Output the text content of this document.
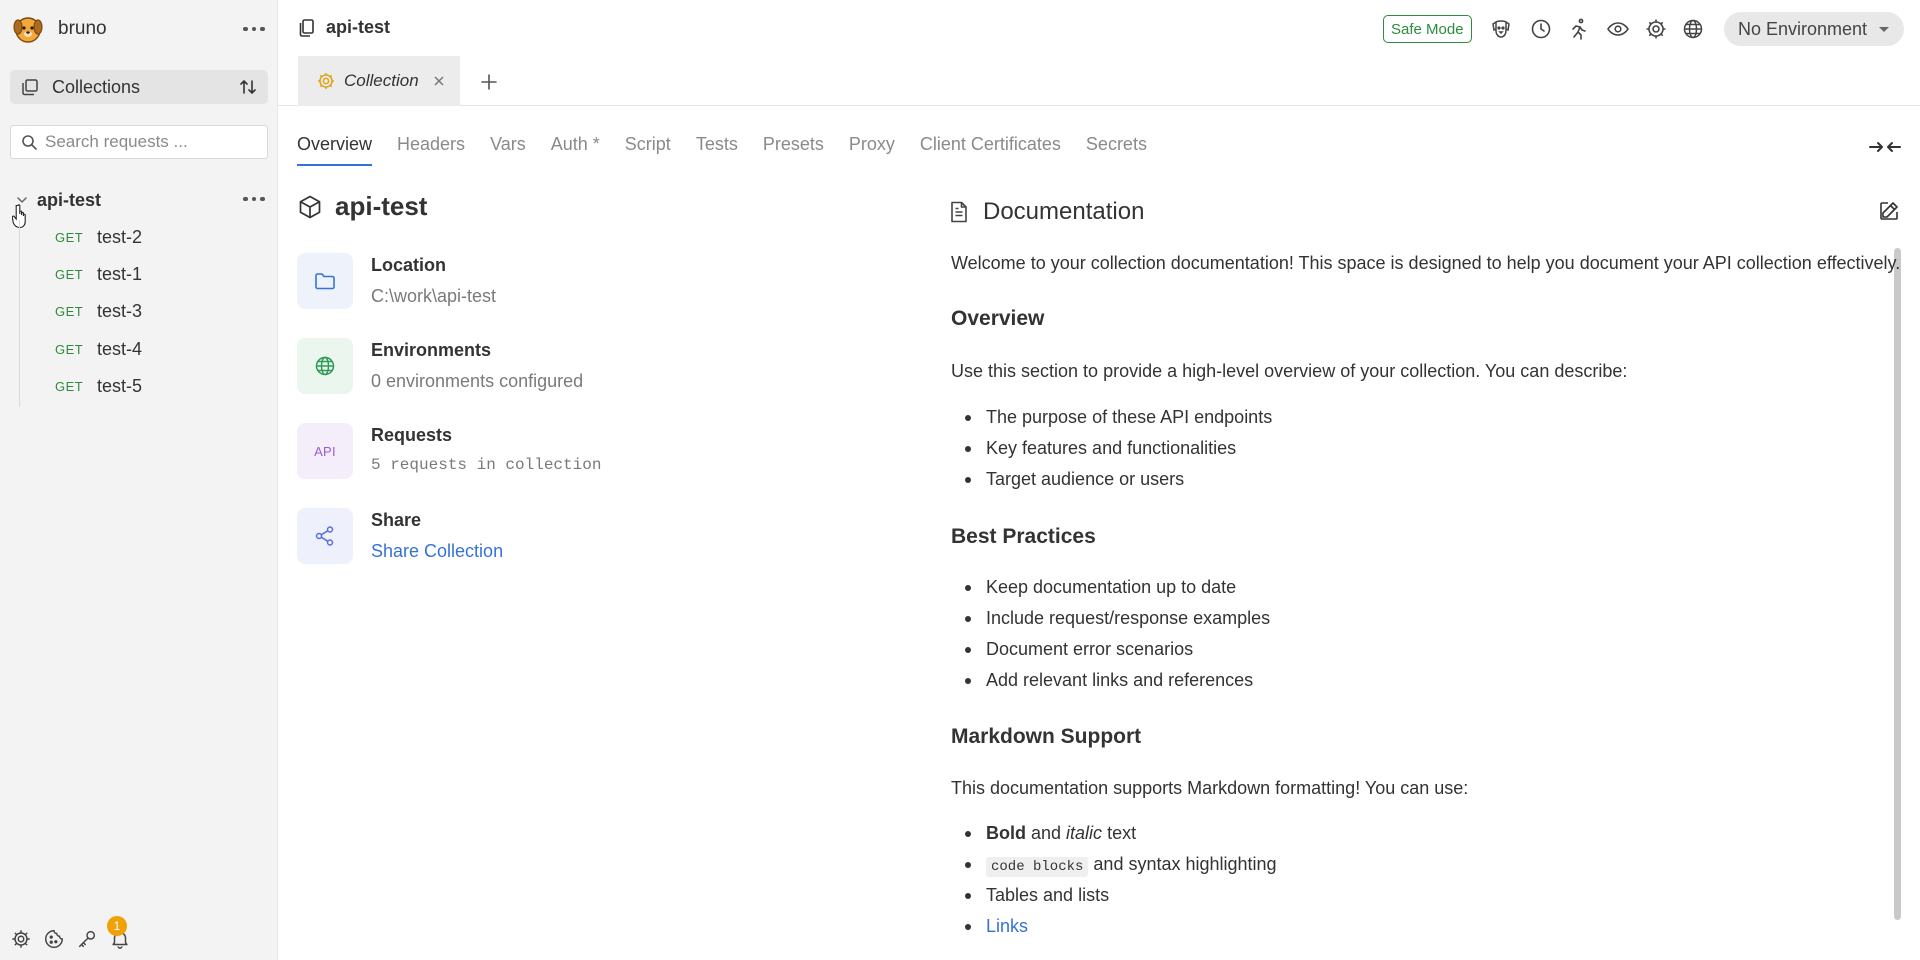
bruno
Collections
Search requests ...
api-test
GET test-2
GET test-1
GET test-3
GET test-4
GET test-5
1
api-test	Safe Mode	No Environment
Collection
Overview Headers Vars Auth * Script Tests Presets Proxy Client Certificates Secrets
api-test
Location
C:\work\api-test
Environments
0 environments configured
API
Requests
5 requests in collection
Share
Share Collection
Documentation

Welcome to your collection documentation! This space is designed to help you document your API collection effectively.

Overview

Use this section to provide a high-level overview of your collection. You can describe:

The purpose of these API endpoints
Key features and functionalities
Target audience or users
Best Practices
Keep documentation up to date
Include request/response examples
Document error scenarios
Add relevant links and references
Markdown Support

This documentation supports Markdown formatting! You can use:

Bold and italic text
code blocks and syntax highlighting
Tables and lists
Links
